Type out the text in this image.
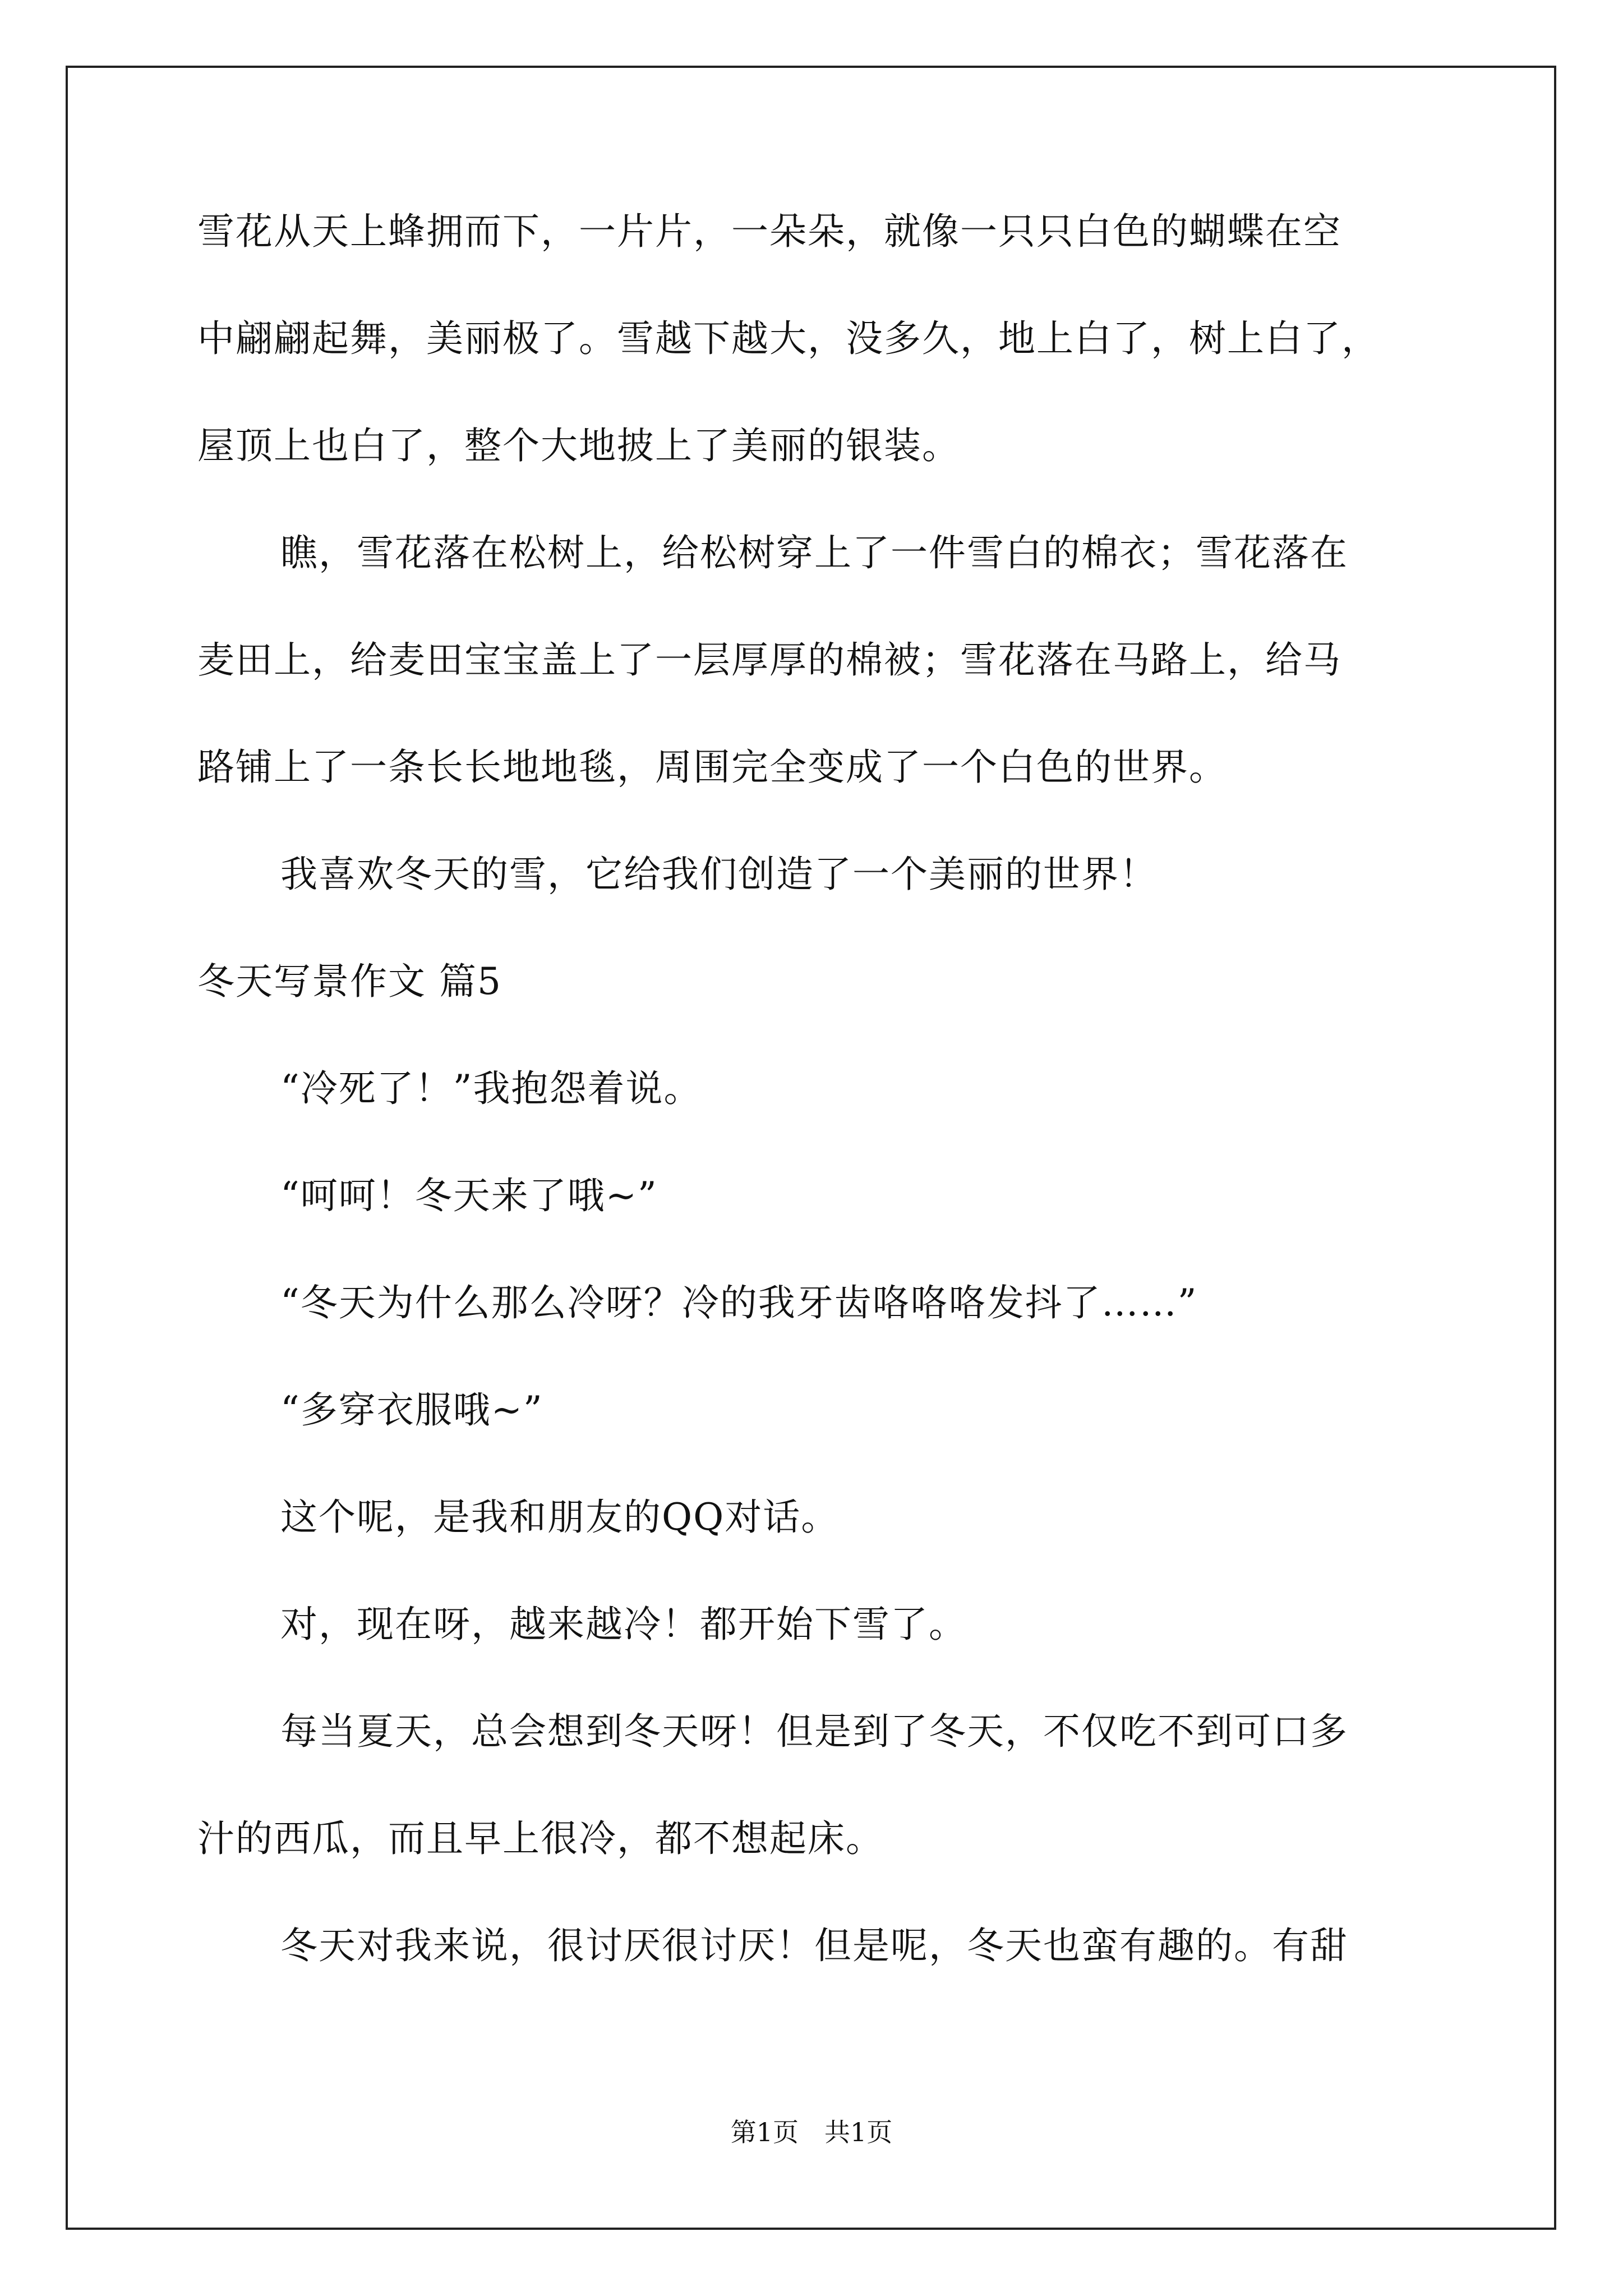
雪花从天上蜂拥而下，一片片，一朵朵，就像一只只白色的蝴蝶在空
中翩翩起舞，美丽极了。雪越下越大，没多久，地上白了，树上白了，
屋顶上也白了，整个大地披上了美丽的银装。
瞧，雪花落在松树上，给松树穿上了一件雪白的棉衣；雪花落在
麦田上，给麦田宝宝盖上了一层厚厚的棉被；雪花落在马路上，给马
路铺上了一条长长地地毯，周围完全变成了一个白色的世界。
我喜欢冬天的雪，它给我们创造了一个美丽的世界！
冬天写景作文 篇5
“冷死了！”我抱怨着说。
“呵呵！冬天来了哦~”
“冬天为什么那么冷呀？冷的我牙齿咯咯咯发抖了……”
“多穿衣服哦~”
这个呢，是我和朋友的QQ对话。
对，现在呀，越来越冷！都开始下雪了。
每当夏天，总会想到冬天呀！但是到了冬天，不仅吃不到可口多
汁的西瓜，而且早上很冷，都不想起床。
冬天对我来说，很讨厌很讨厌！但是呢，冬天也蛮有趣的。有甜
第1页　共1页
